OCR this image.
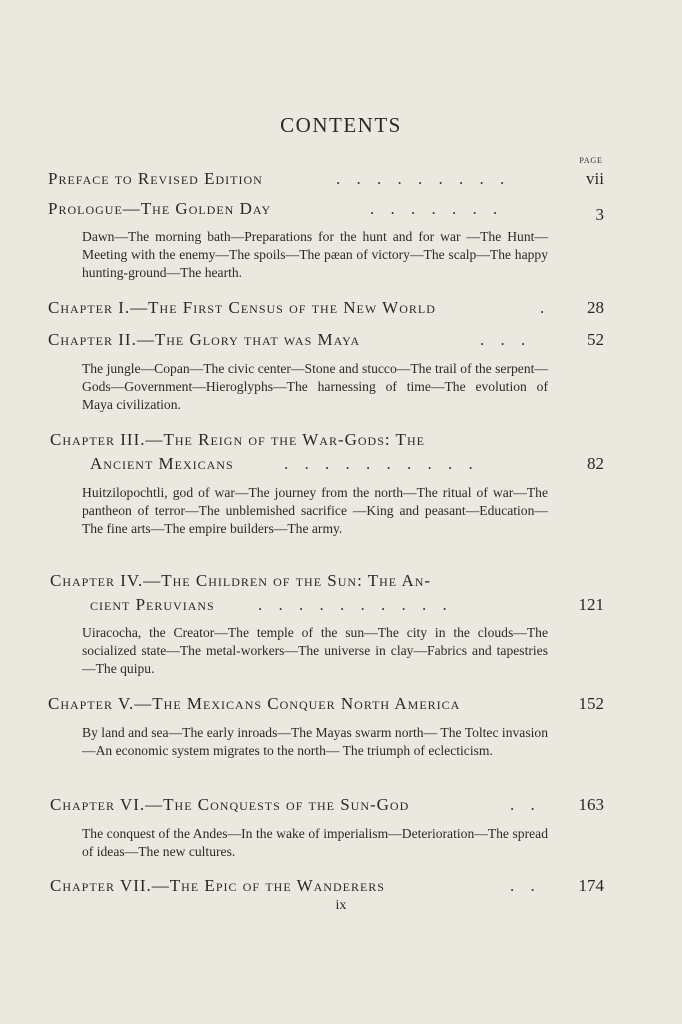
CONTENTS
PAGE
Preface to Revised Edition	. . . . . . . . .	vii
Prologue—The Golden Day	. . . . . . .	3
Dawn—The morning bath—Preparations for the hunt and for war —The Hunt—Meeting with the enemy—The spoils—The pæan of victory—The scalp—The happy hunting-ground—The hearth.
Chapter I.—The First Census of the New World	.	28
Chapter II.—The Glory that was Maya	. . .	52
The jungle—Copan—The civic center—Stone and stucco—The trail of the serpent—Gods—Government—Hieroglyphs—The harnessing of time—The evolution of Maya civilization.
Chapter III.—The Reign of the War-Gods: The
Ancient Mexicans	. . . . . . . . . .	82
Huitzilopochtli, god of war—The journey from the north—The ritual of war—The pantheon of terror—The unblemished sacrifice —King and peasant—Education—The fine arts—The empire builders—The army.
Chapter IV.—The Children of the Sun: The An-
cient Peruvians	. . . . . . . . . .	121
Uiracocha, the Creator—The temple of the sun—The city in the clouds—The socialized state—The metal-workers—The universe in clay—Fabrics and tapestries—The quipu.
Chapter V.—The Mexicans Conquer North America	152
By land and sea—The early inroads—The Mayas swarm north— The Toltec invasion—An economic system migrates to the north— The triumph of eclecticism.
Chapter VI.—The Conquests of the Sun-God	. .	163
The conquest of the Andes—In the wake of imperialism—Deterioration—The spread of ideas—The new cultures.
Chapter VII.—The Epic of the Wanderers	. .	174
ix
